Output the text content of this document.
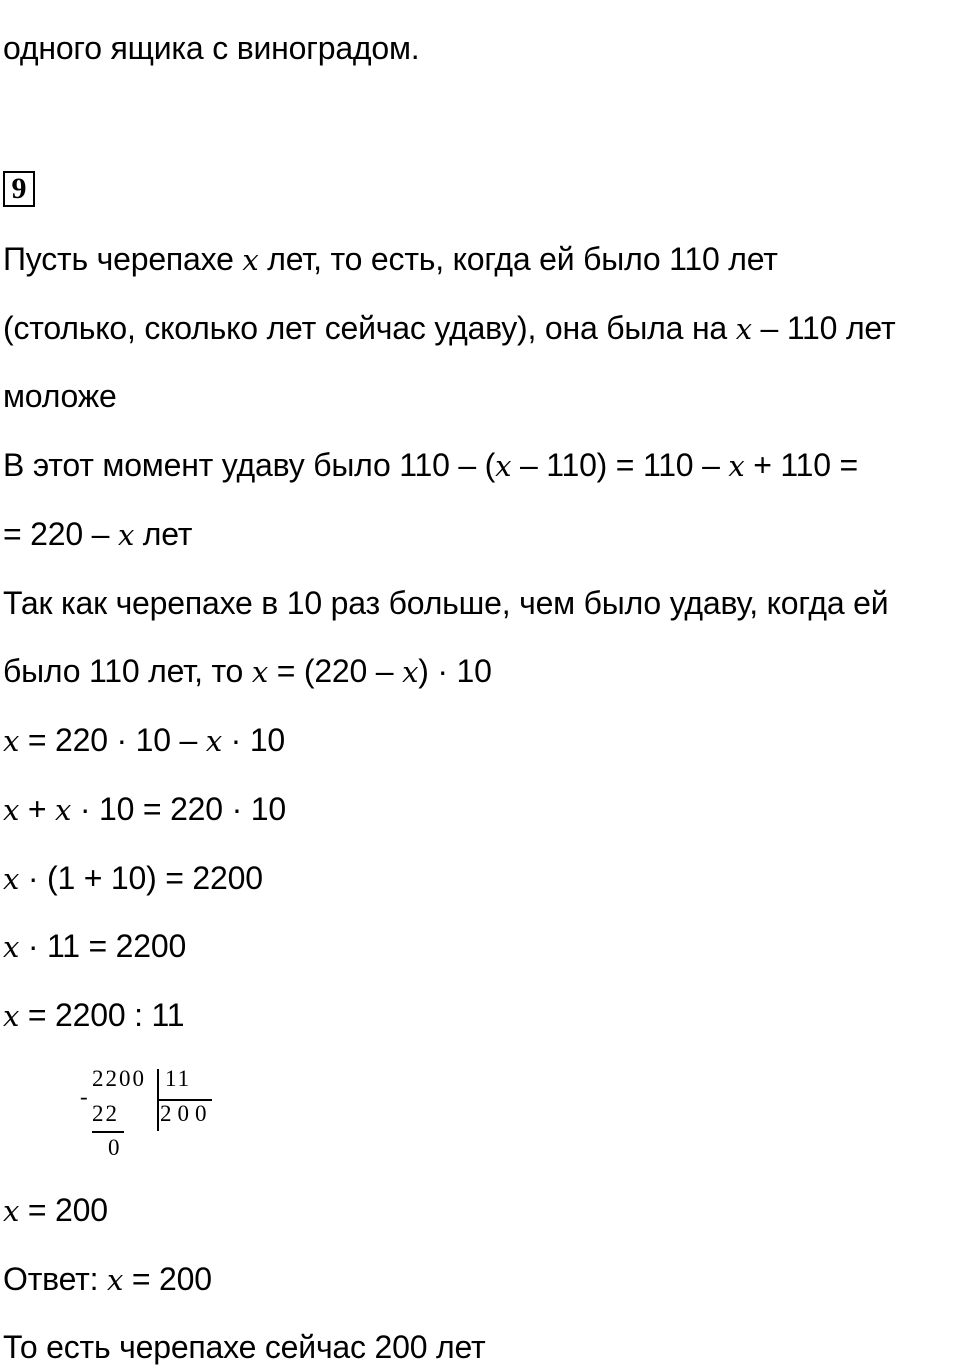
одного ящика с виноградом.
9
Пусть черепахе x лет, то есть, когда ей было 110 лет
(столько, сколько лет сейчас удаву), она была на x – 110 лет
моложе
В этот момент удаву было 110 – (x – 110) = 110 – x + 110 =
= 220 – x лет
Так как черепахе в 10 раз больше, чем было удаву, когда ей
было 110 лет, то x = (220 – x) · 10
x = 220 · 10 – x · 10
x + x · 10 = 220 · 10
x · (1 + 10) = 2200
x · 11 = 2200
x = 2200 : 11
-
2200 11
22 200
0
x = 200
Ответ: x = 200
То есть черепахе сейчас 200 лет
